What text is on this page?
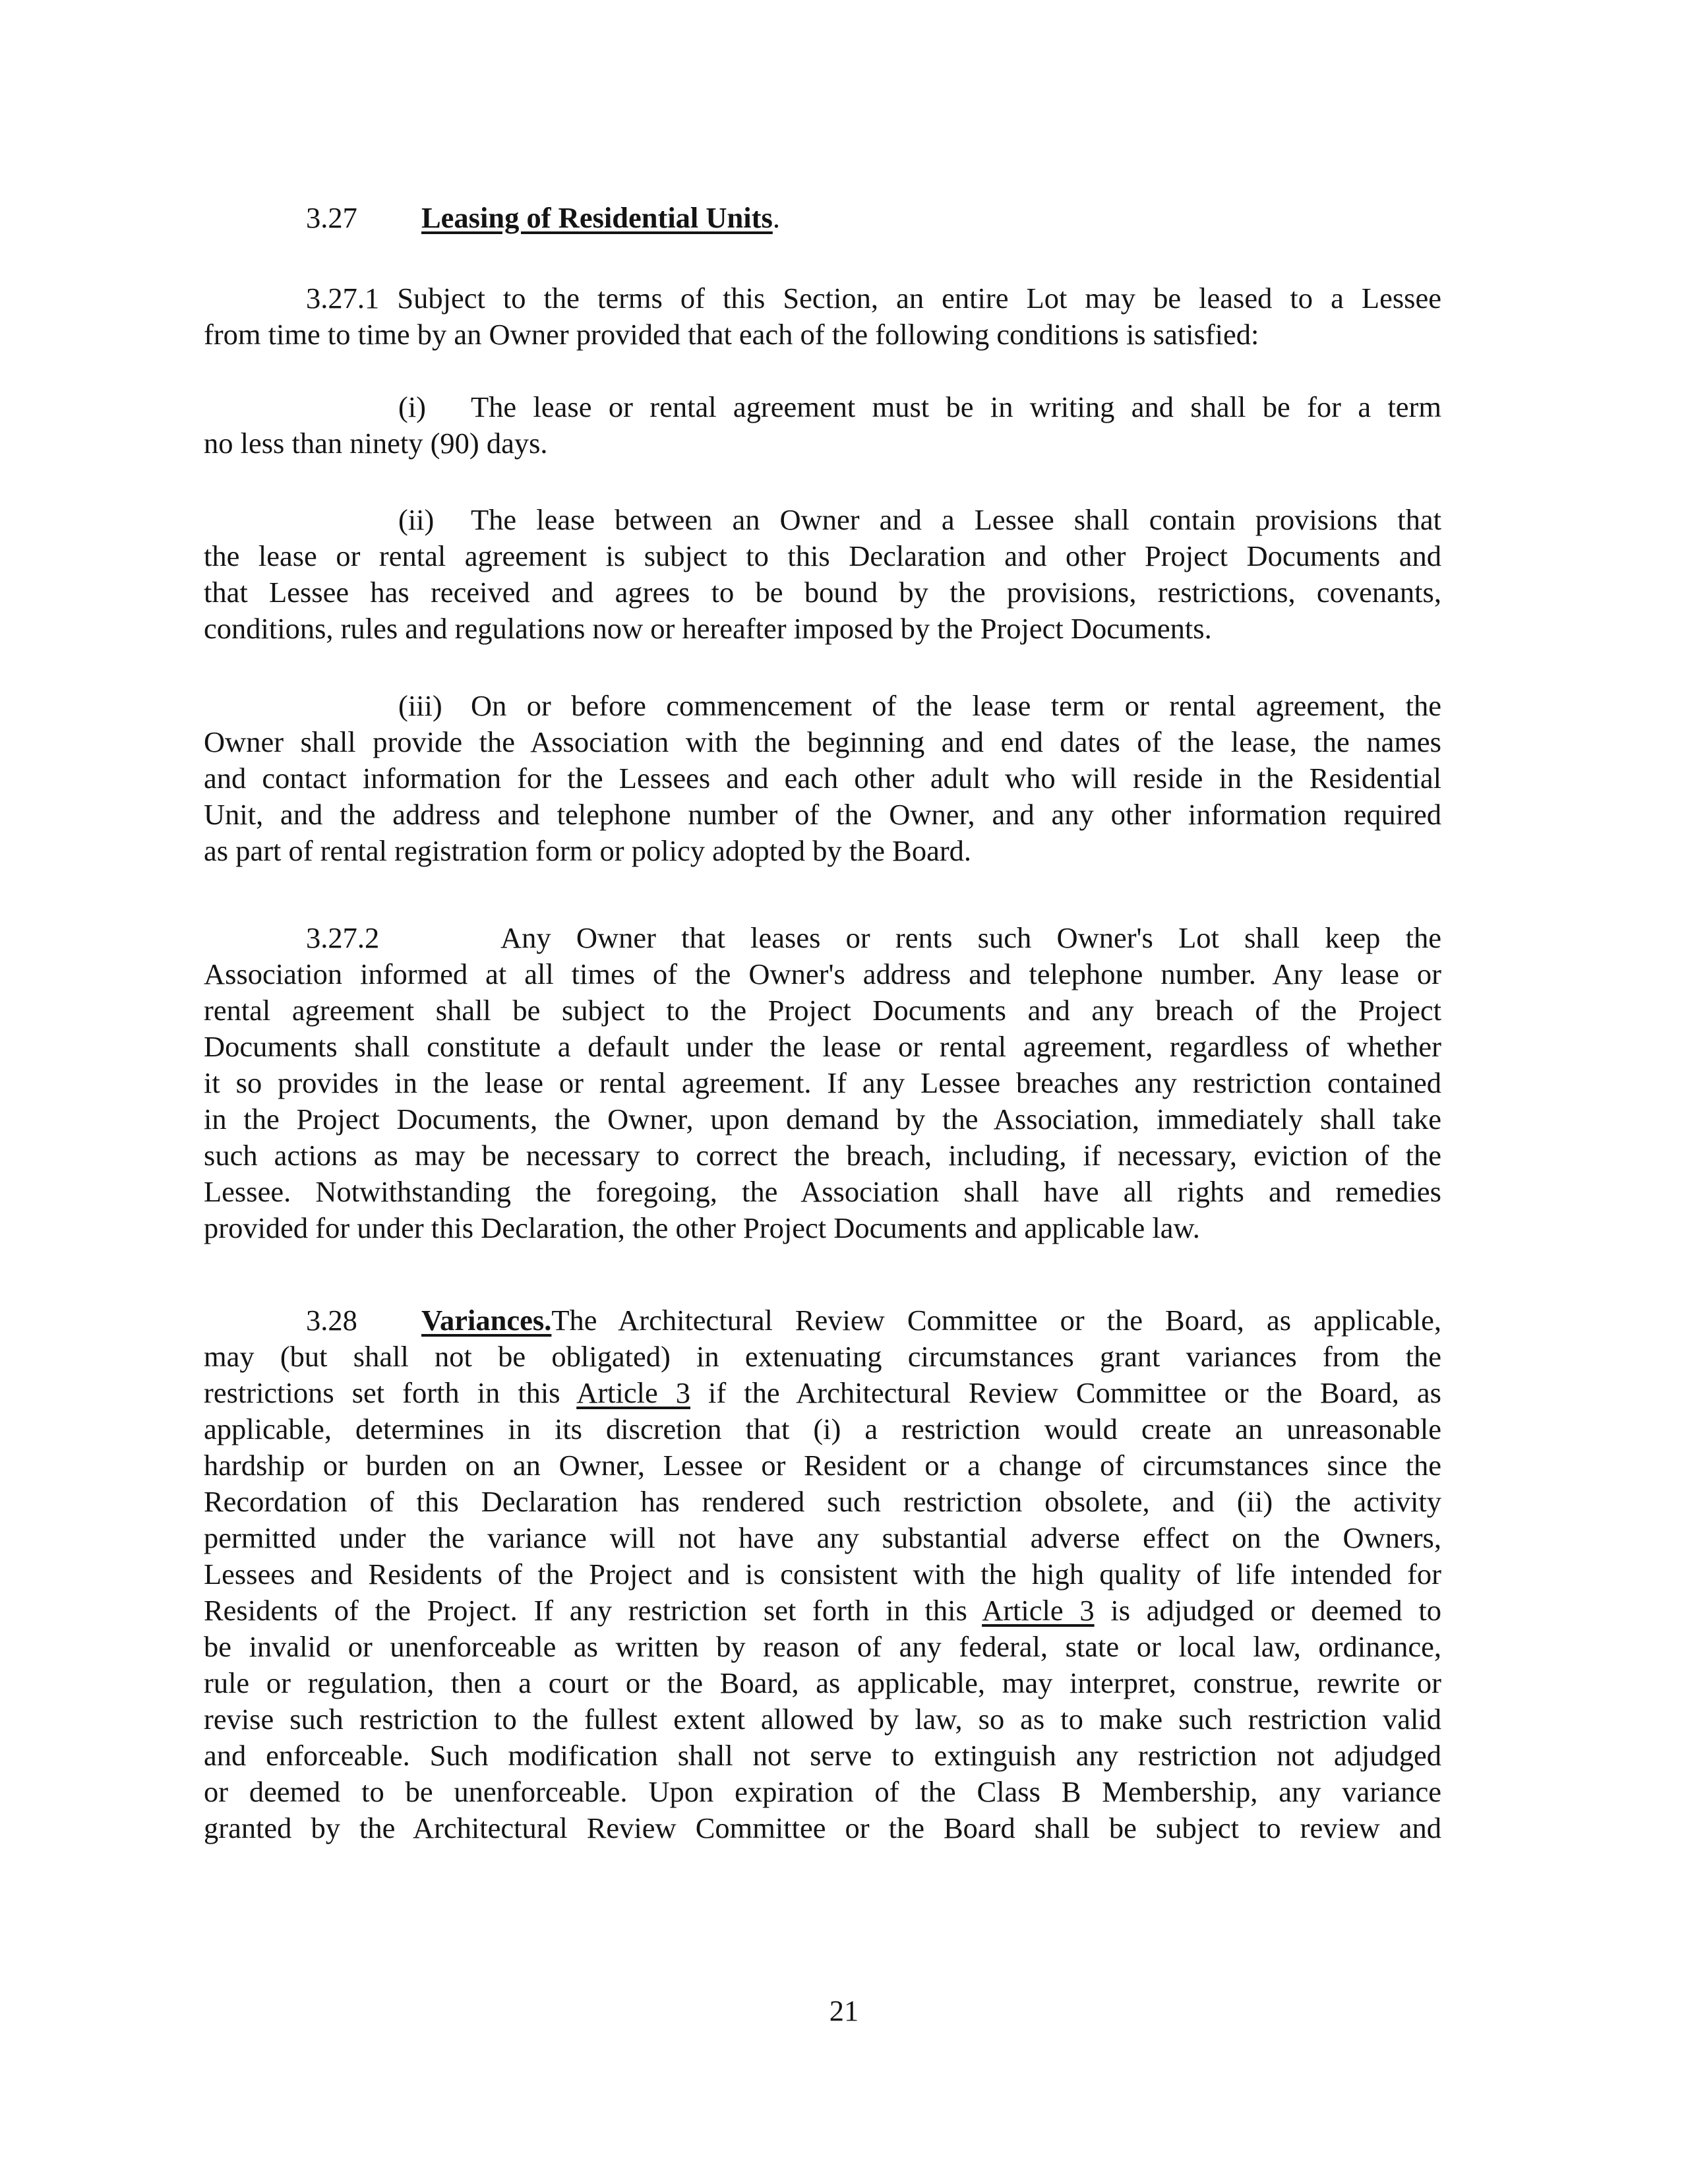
3.27 Leasing of Residential Units.
3.27.1 Subject to the terms of this Section, an entire Lot may be leased to a Lessee
from time to time by an Owner provided that each of the following conditions is satisfied:
(i) The lease or rental agreement must be in writing and shall be for a term
no less than ninety (90) days.
(ii) The lease between an Owner and a Lessee shall contain provisions that
the lease or rental agreement is subject to this Declaration and other Project Documents and
that Lessee has received and agrees to be bound by the provisions, restrictions, covenants,
conditions, rules and regulations now or hereafter imposed by the Project Documents.
(iii) On or before commencement of the lease term or rental agreement, the
Owner shall provide the Association with the beginning and end dates of the lease, the names
and contact information for the Lessees and each other adult who will reside in the Residential
Unit, and the address and telephone number of the Owner, and any other information required
as part of rental registration form or policy adopted by the Board.
3.27.2	Any Owner that leases or rents such Owner's Lot shall keep the
Association informed at all times of the Owner's address and telephone number. Any lease or
rental agreement shall be subject to the Project Documents and any breach of the Project
Documents shall constitute a default under the lease or rental agreement, regardless of whether
it so provides in the lease or rental agreement. If any Lessee breaches any restriction contained
in the Project Documents, the Owner, upon demand by the Association, immediately shall take
such actions as may be necessary to correct the breach, including, if necessary, eviction of the
Lessee. Notwithstanding the foregoing, the Association shall have all rights and remedies
provided for under this Declaration, the other Project Documents and applicable law.
3.28 Variances.The Architectural Review Committee or the Board, as applicable,
may (but shall not be obligated) in extenuating circumstances grant variances from the
restrictions set forth in this Article 3 if the Architectural Review Committee or the Board, as
applicable, determines in its discretion that (i) a restriction would create an unreasonable
hardship or burden on an Owner, Lessee or Resident or a change of circumstances since the
Recordation of this Declaration has rendered such restriction obsolete, and (ii) the activity
permitted under the variance will not have any substantial adverse effect on the Owners,
Lessees and Residents of the Project and is consistent with the high quality of life intended for
Residents of the Project. If any restriction set forth in this Article 3 is adjudged or deemed to
be invalid or unenforceable as written by reason of any federal, state or local law, ordinance,
rule or regulation, then a court or the Board, as applicable, may interpret, construe, rewrite or
revise such restriction to the fullest extent allowed by law, so as to make such restriction valid
and enforceable. Such modification shall not serve to extinguish any restriction not adjudged
or deemed to be unenforceable. Upon expiration of the Class B Membership, any variance
granted by the Architectural Review Committee or the Board shall be subject to review and
21
